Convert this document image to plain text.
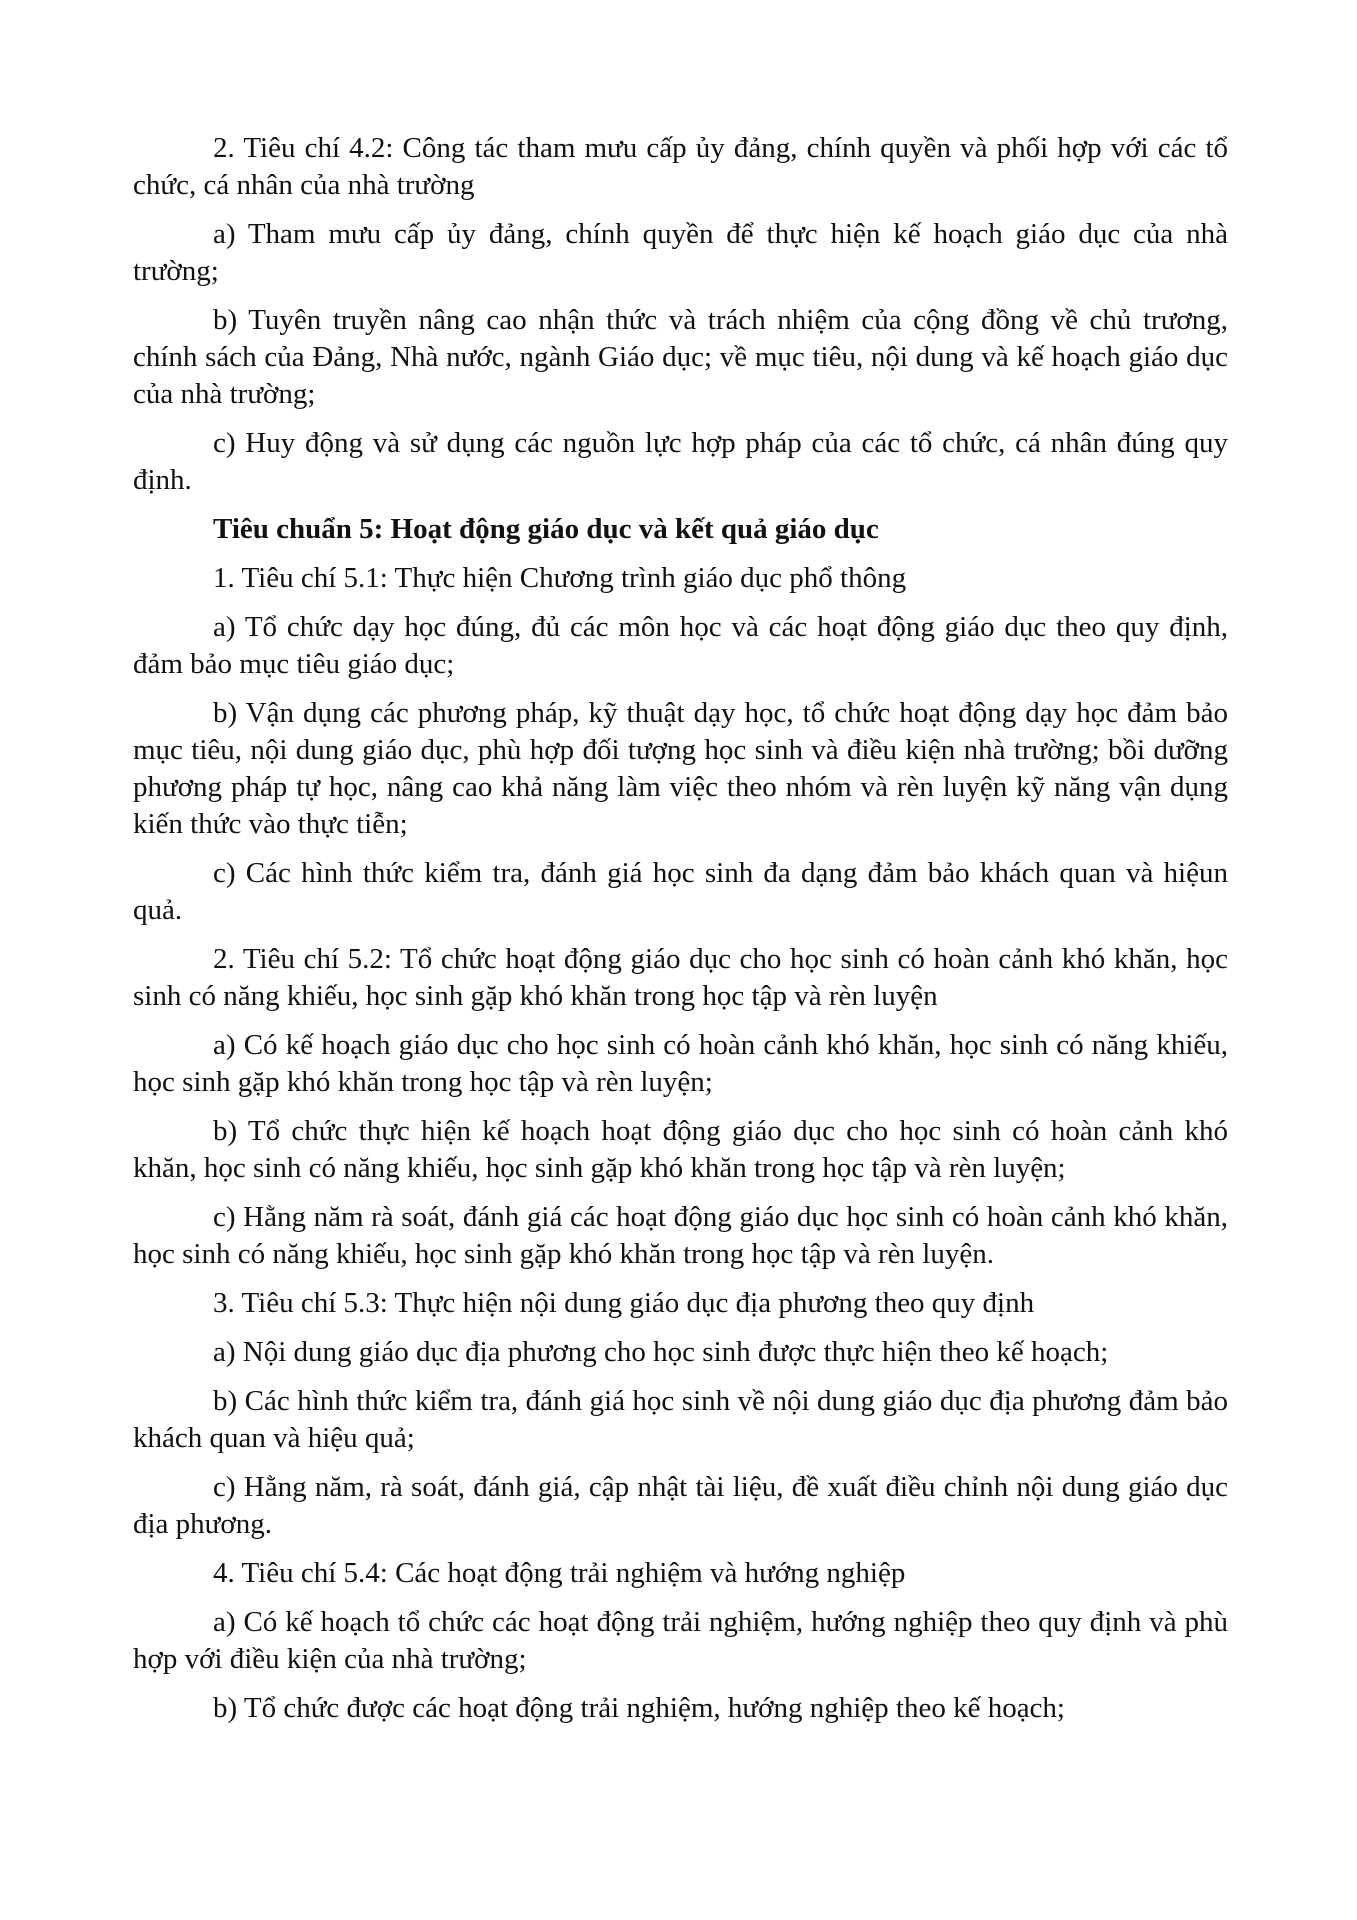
2. Tiêu chí 4.2: Công tác tham mưu cấp ủy đảng, chính quyền và phối hợp với các tổ chức, cá nhân của nhà trường

a) Tham mưu cấp ủy đảng, chính quyền để thực hiện kế hoạch giáo dục của nhà trường;

b) Tuyên truyền nâng cao nhận thức và trách nhiệm của cộng đồng về chủ trương, chính sách của Đảng, Nhà nước, ngành Giáo dục; về mục tiêu, nội dung và kế hoạch giáo dục của nhà trường;

c) Huy động và sử dụng các nguồn lực hợp pháp của các tổ chức, cá nhân đúng quy định.

Tiêu chuẩn 5: Hoạt động giáo dục và kết quả giáo dục

1. Tiêu chí 5.1: Thực hiện Chương trình giáo dục phổ thông

a) Tổ chức dạy học đúng, đủ các môn học và các hoạt động giáo dục theo quy định, đảm bảo mục tiêu giáo dục;

b) Vận dụng các phương pháp, kỹ thuật dạy học, tổ chức hoạt động dạy học đảm bảo mục tiêu, nội dung giáo dục, phù hợp đối tượng học sinh và điều kiện nhà trường; bồi dưỡng phương pháp tự học, nâng cao khả năng làm việc theo nhóm và rèn luyện kỹ năng vận dụng kiến thức vào thực tiễn;

c) Các hình thức kiểm tra, đánh giá học sinh đa dạng đảm bảo khách quan và hiệun quả.

2. Tiêu chí 5.2: Tổ chức hoạt động giáo dục cho học sinh có hoàn cảnh khó khăn, học sinh có năng khiếu, học sinh gặp khó khăn trong học tập và rèn luyện

a) Có kế hoạch giáo dục cho học sinh có hoàn cảnh khó khăn, học sinh có năng khiếu, học sinh gặp khó khăn trong học tập và rèn luyện;

b) Tổ chức thực hiện kế hoạch hoạt động giáo dục cho học sinh có hoàn cảnh khó khăn, học sinh có năng khiếu, học sinh gặp khó khăn trong học tập và rèn luyện;

c) Hằng năm rà soát, đánh giá các hoạt động giáo dục học sinh có hoàn cảnh khó khăn, học sinh có năng khiếu, học sinh gặp khó khăn trong học tập và rèn luyện.

3. Tiêu chí 5.3: Thực hiện nội dung giáo dục địa phương theo quy định

a) Nội dung giáo dục địa phương cho học sinh được thực hiện theo kế hoạch;

b) Các hình thức kiểm tra, đánh giá học sinh về nội dung giáo dục địa phương đảm bảo khách quan và hiệu quả;

c) Hằng năm, rà soát, đánh giá, cập nhật tài liệu, đề xuất điều chỉnh nội dung giáo dục địa phương.

4. Tiêu chí 5.4: Các hoạt động trải nghiệm và hướng nghiệp

a) Có kế hoạch tổ chức các hoạt động trải nghiệm, hướng nghiệp theo quy định và phù hợp với điều kiện của nhà trường;

b) Tổ chức được các hoạt động trải nghiệm, hướng nghiệp theo kế hoạch;
